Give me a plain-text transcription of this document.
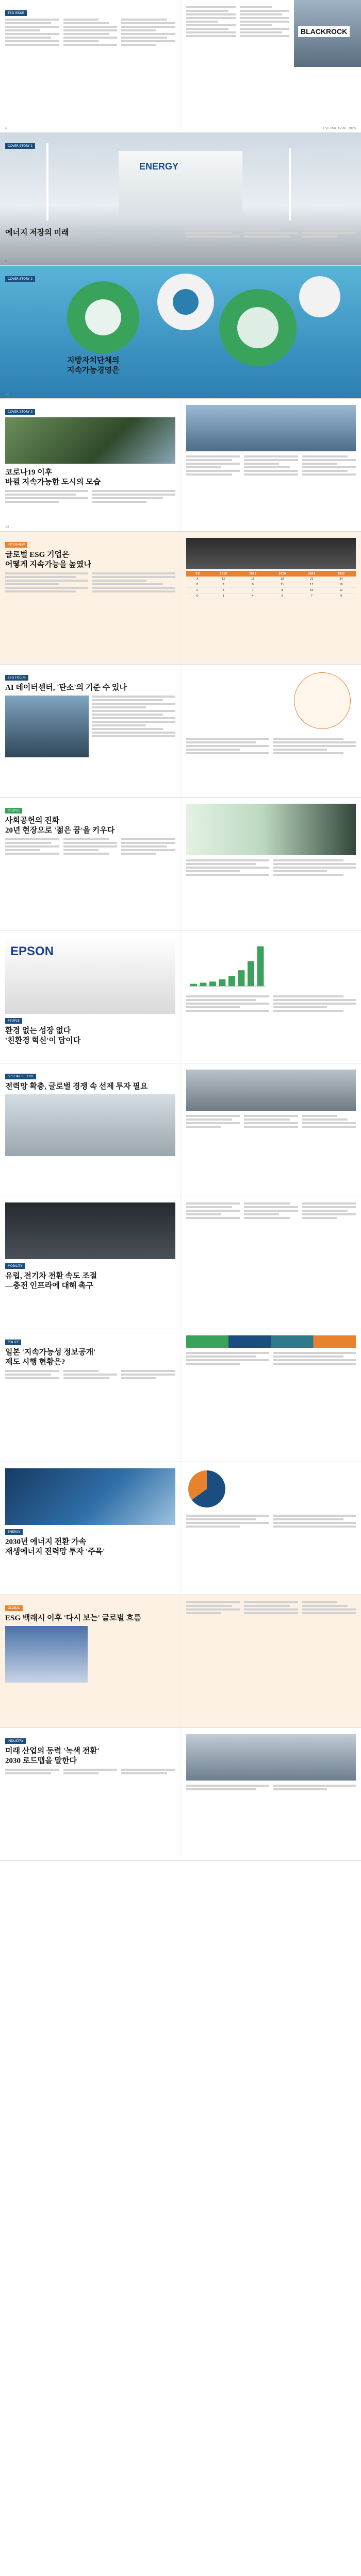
ESG ISSUE
6
BLACKROCK
ESG MAGAZINE 2020
ENERGY
COVER STORY 1
에너지 저장의 미래
8
COVER STORY 2
지방자치단체의
지속가능경영은
10
COVER STORY 3
코로나19 이후
바뀔 지속가능한 도시의 모습
12
INTERVIEW
글로벌 ESG 기업은
어떻게 지속가능을 높였나
구분	2018	2019	2020	2021	2022
A	12	15	18	21	24
B	8	9	11	13	16
C	5	7	8	10	12
D	3	4	6	7	9
ESG FOCUS
AI 데이터센터, '탄소'의 기준 수 있나
PEOPLE
사회공헌의 진화
20년 현장으로 '젊은 꿈'을 키우다
EPSON
PEOPLE
환경 없는 성장 없다
'친환경 혁신'이 답이다
SPECIAL REPORT
전력망 확충, 글로벌 경쟁 속 선제 투자 필요
MOBILITY
유럽, 전기차 전환 속도 조절
—충전 인프라에 대해 촉구
POLICY
일본 '지속가능성 정보공개'
제도 시행 현황은?
ENERGY
2030년 에너지 전환 가속
재생에너지 전력망 투자 '주목'
GLOBAL
ESG 백래시 이후 '다시 보는' 글로벌 흐름
INDUSTRY
미래 산업의 동력 '녹색 전환'
2030 로드맵을 말한다
